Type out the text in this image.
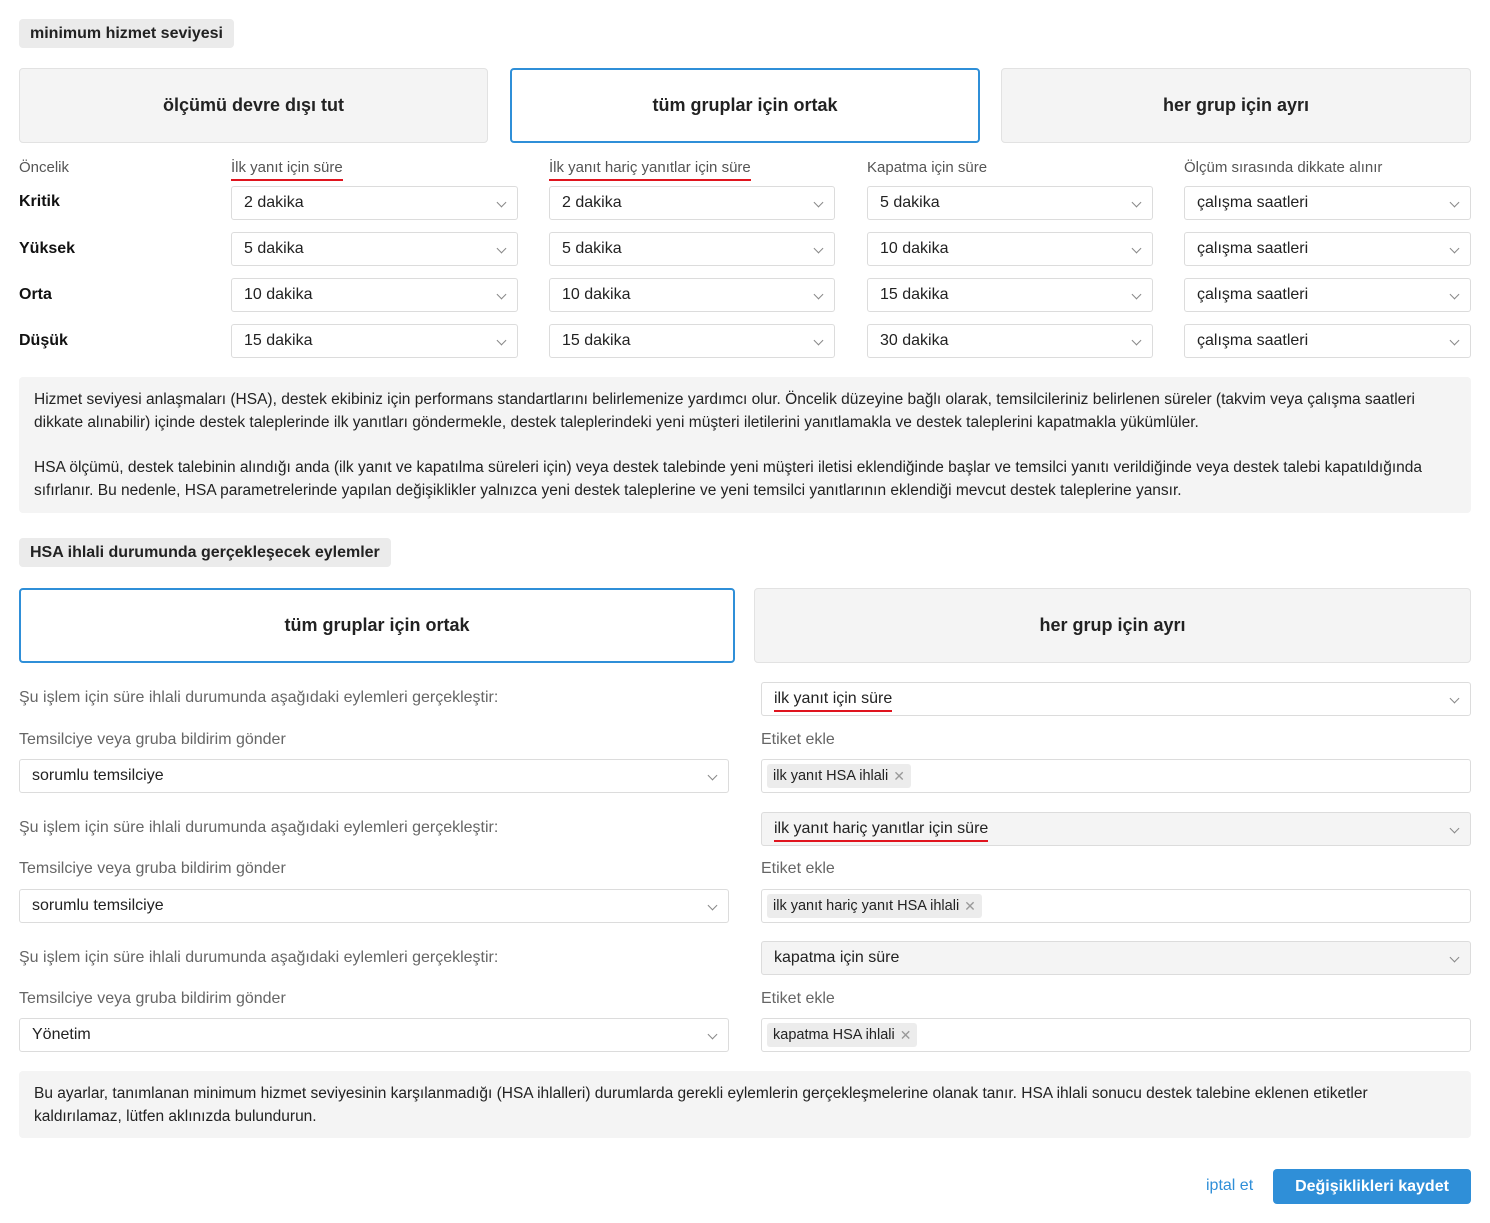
minimum hizmet seviyesi
ölçümü devre dışı tut	tüm gruplar için ortak	her grup için ayrı
Öncelik	İlk yanıt için süre	İlk yanıt hariç yanıtlar için süre	Kapatma için süre	Ölçüm sırasında dikkate alınır
Kritik	2 dakika	2 dakika	5 dakika	çalışma saatleri
Yüksek	5 dakika	5 dakika	10 dakika	çalışma saatleri
Orta	10 dakika	10 dakika	15 dakika	çalışma saatleri
Düşük	15 dakika	15 dakika	30 dakika	çalışma saatleri

Hizmet seviyesi anlaşmaları (HSA), destek ekibiniz için performans standartlarını belirlemenize yardımcı olur. Öncelik düzeyine bağlı olarak, temsilcileriniz belirlenen süreler (takvim veya çalışma saatleri dikkate alınabilir) içinde destek taleplerinde ilk yanıtları göndermekle, destek taleplerindeki yeni müşteri iletilerini yanıtlamakla ve destek taleplerini kapatmakla yükümlüler.

HSA ölçümü, destek talebinin alındığı anda (ilk yanıt ve kapatılma süreleri için) veya destek talebinde yeni müşteri iletisi eklendiğinde başlar ve temsilci yanıtı verildiğinde veya destek talebi kapatıldığında sıfırlanır. Bu nedenle, HSA parametrelerinde yapılan değişiklikler yalnızca yeni destek taleplerine ve yeni temsilci yanıtlarının eklendiği mevcut destek taleplerine yansır.

HSA ihlali durumunda gerçekleşecek eylemler
tüm gruplar için ortak	her grup için ayrı
Şu işlem için süre ihlali durumunda aşağıdaki eylemleri gerçekleştir:	ilk yanıt için süre
Temsilciye veya gruba bildirim gönder	Etiket ekle
sorumlu temsilciye	ilk yanıt HSA ihlali ✕
Şu işlem için süre ihlali durumunda aşağıdaki eylemleri gerçekleştir:	ilk yanıt hariç yanıtlar için süre
Temsilciye veya gruba bildirim gönder	Etiket ekle
sorumlu temsilciye	ilk yanıt hariç yanıt HSA ihlali ✕
Şu işlem için süre ihlali durumunda aşağıdaki eylemleri gerçekleştir:	kapatma için süre
Temsilciye veya gruba bildirim gönder	Etiket ekle
Yönetim	kapatma HSA ihlali ✕

Bu ayarlar, tanımlanan minimum hizmet seviyesinin karşılanmadığı (HSA ihlalleri) durumlarda gerekli eylemlerin gerçekleşmelerine olanak tanır. HSA ihlali sonucu destek talebine eklenen etiketler kaldırılamaz, lütfen aklınızda bulundurun.

iptal et	Değişiklikleri kaydet
